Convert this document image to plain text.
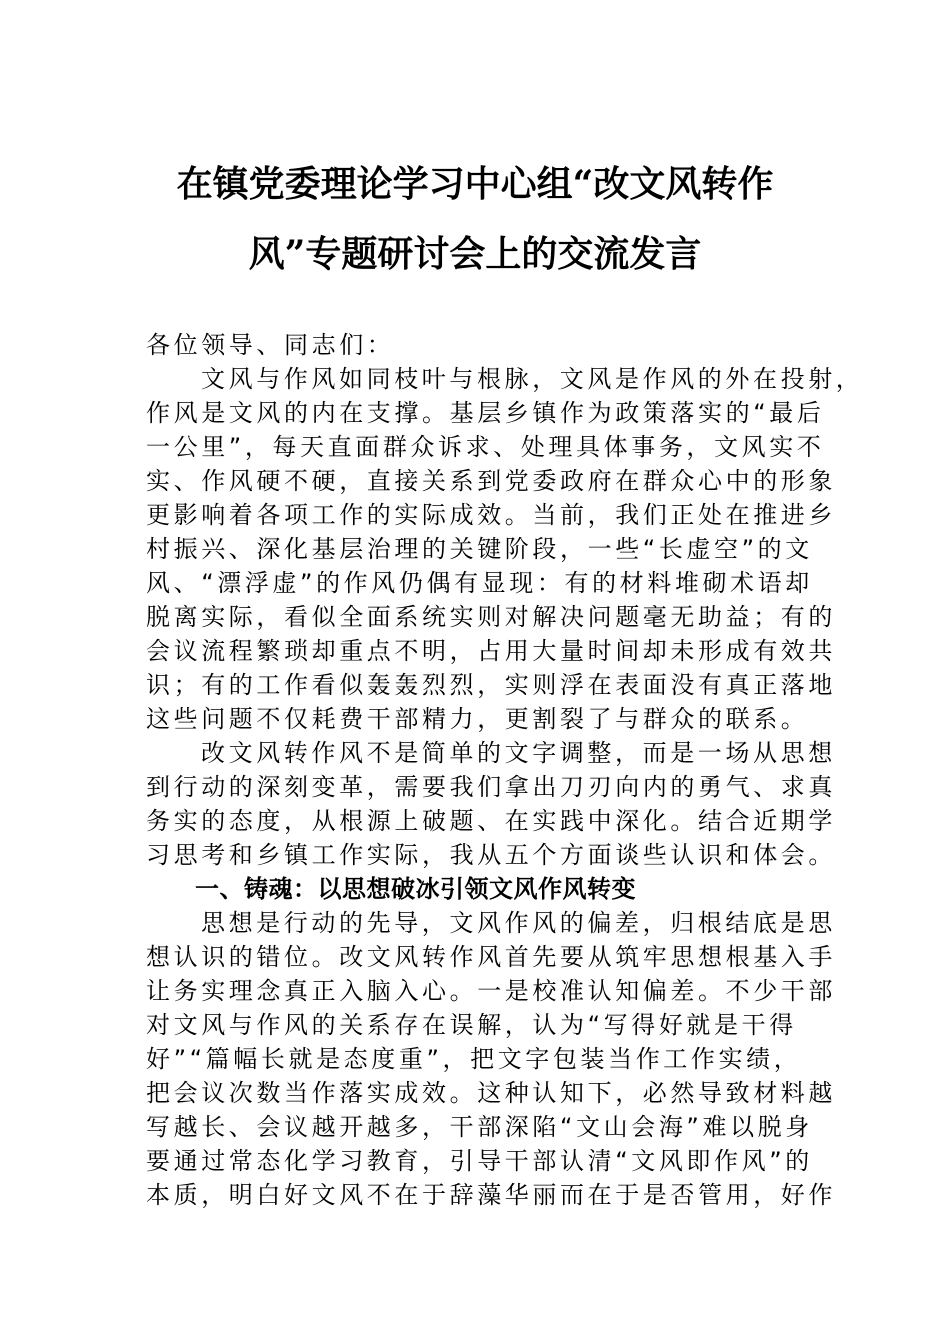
在镇党委理论学习中心组“改文风转作
风”专题研讨会上的交流发言
各位领导、同志们：
文风与作风如同枝叶与根脉，文风是作风的外在投射，
作风是文风的内在支撑。基层乡镇作为政策落实的“最后
一公里”，每天直面群众诉求、处理具体事务，文风实不
实、作风硬不硬，直接关系到党委政府在群众心中的形象
更影响着各项工作的实际成效。当前，我们正处在推进乡
村振兴、深化基层治理的关键阶段，一些“长虚空”的文
风、“漂浮虚”的作风仍偶有显现：有的材料堆砌术语却
脱离实际，看似全面系统实则对解决问题毫无助益；有的
会议流程繁琐却重点不明，占用大量时间却未形成有效共
识；有的工作看似轰轰烈烈，实则浮在表面没有真正落地
这些问题不仅耗费干部精力，更割裂了与群众的联系。
改文风转作风不是简单的文字调整，而是一场从思想
到行动的深刻变革，需要我们拿出刀刃向内的勇气、求真
务实的态度，从根源上破题、在实践中深化。结合近期学
习思考和乡镇工作实际，我从五个方面谈些认识和体会。
一、铸魂：以思想破冰引领文风作风转变
思想是行动的先导，文风作风的偏差，归根结底是思
想认识的错位。改文风转作风首先要从筑牢思想根基入手
让务实理念真正入脑入心。一是校准认知偏差。不少干部
对文风与作风的关系存在误解，认为“写得好就是干得
好”“篇幅长就是态度重”，把文字包装当作工作实绩，
把会议次数当作落实成效。这种认知下，必然导致材料越
写越长、会议越开越多，干部深陷“文山会海”难以脱身
要通过常态化学习教育，引导干部认清“文风即作风”的
本质，明白好文风不在于辞藻华丽而在于是否管用，好作
